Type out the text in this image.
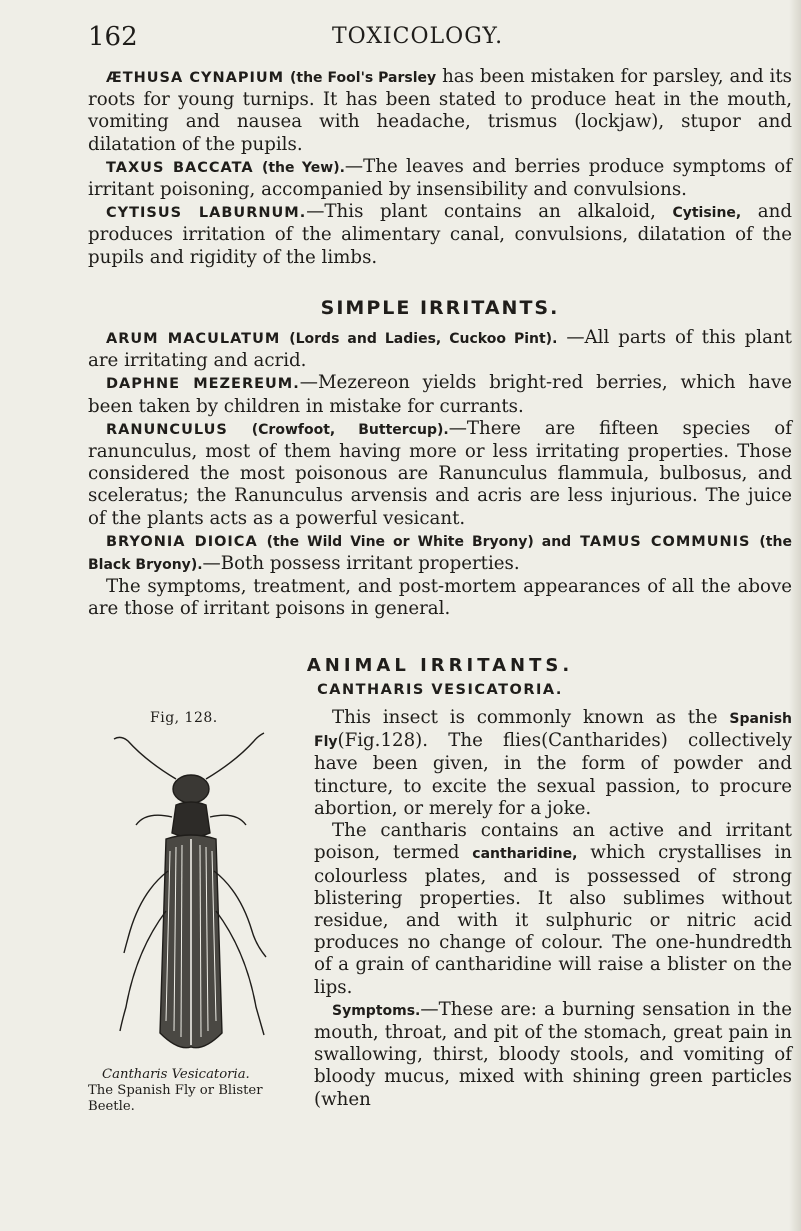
162	TOXICOLOGY.

ÆTHUSA CYNAPIUM (the Fool's Parsley has been mistaken for parsley, and its roots for young turnips. It has been stated to produce heat in the mouth, vomiting and nausea with headache, trismus (lockjaw), stupor and dilatation of the pupils.

TAXUS BACCATA (the Yew).—The leaves and berries produce symptoms of irritant poisoning, accompanied by insensibility and convulsions.

CYTISUS LABURNUM.—This plant contains an alkaloid, Cytisine, and produces irritation of the alimentary canal, convulsions, dilatation of the pupils and rigidity of the limbs.

SIMPLE IRRITANTS.

ARUM MACULATUM (Lords and Ladies, Cuckoo Pint). —All parts of this plant are irritating and acrid.

DAPHNE MEZEREUM.—Mezereon yields bright-red berries, which have been taken by children in mistake for currants.

RANUNCULUS (Crowfoot, Buttercup).—There are fifteen species of ranunculus, most of them having more or less irritating properties. Those considered the most poisonous are Ranunculus flammula, bulbosus, and sceleratus; the Ranunculus arvensis and acris are less injurious. The juice of the plants acts as a powerful vesicant.

BRYONIA DIOICA (the Wild Vine or White Bryony) and TAMUS COMMUNIS (the Black Bryony).—Both possess irritant properties.

The symptoms, treatment, and post-mortem appearances of all the above are those of irritant poisons in general.

ANIMAL IRRITANTS.
CANTHARIS VESICATORIA.
Fig, 128.
Cantharis Vesicatoria.
The Spanish Fly or Blister Beetle.

This insect is commonly known as the Spanish Fly(Fig.128). The flies(Cantharides) collectively have been given, in the form of powder and tincture, to excite the sexual passion, to procure abortion, or merely for a joke.

The cantharis contains an active and irritant poison, termed cantharidine, which crystallises in colourless plates, and is possessed of strong blistering properties. It also sublimes without residue, and with it sulphuric or nitric acid produces no change of colour. The one-hundredth of a grain of cantharidine will raise a blister on the lips.

Symptoms.—These are: a burning sensation in the mouth, throat, and pit of the stomach, great pain in swallowing, thirst, bloody stools, and vomiting of bloody mucus, mixed with shining green particles (when
